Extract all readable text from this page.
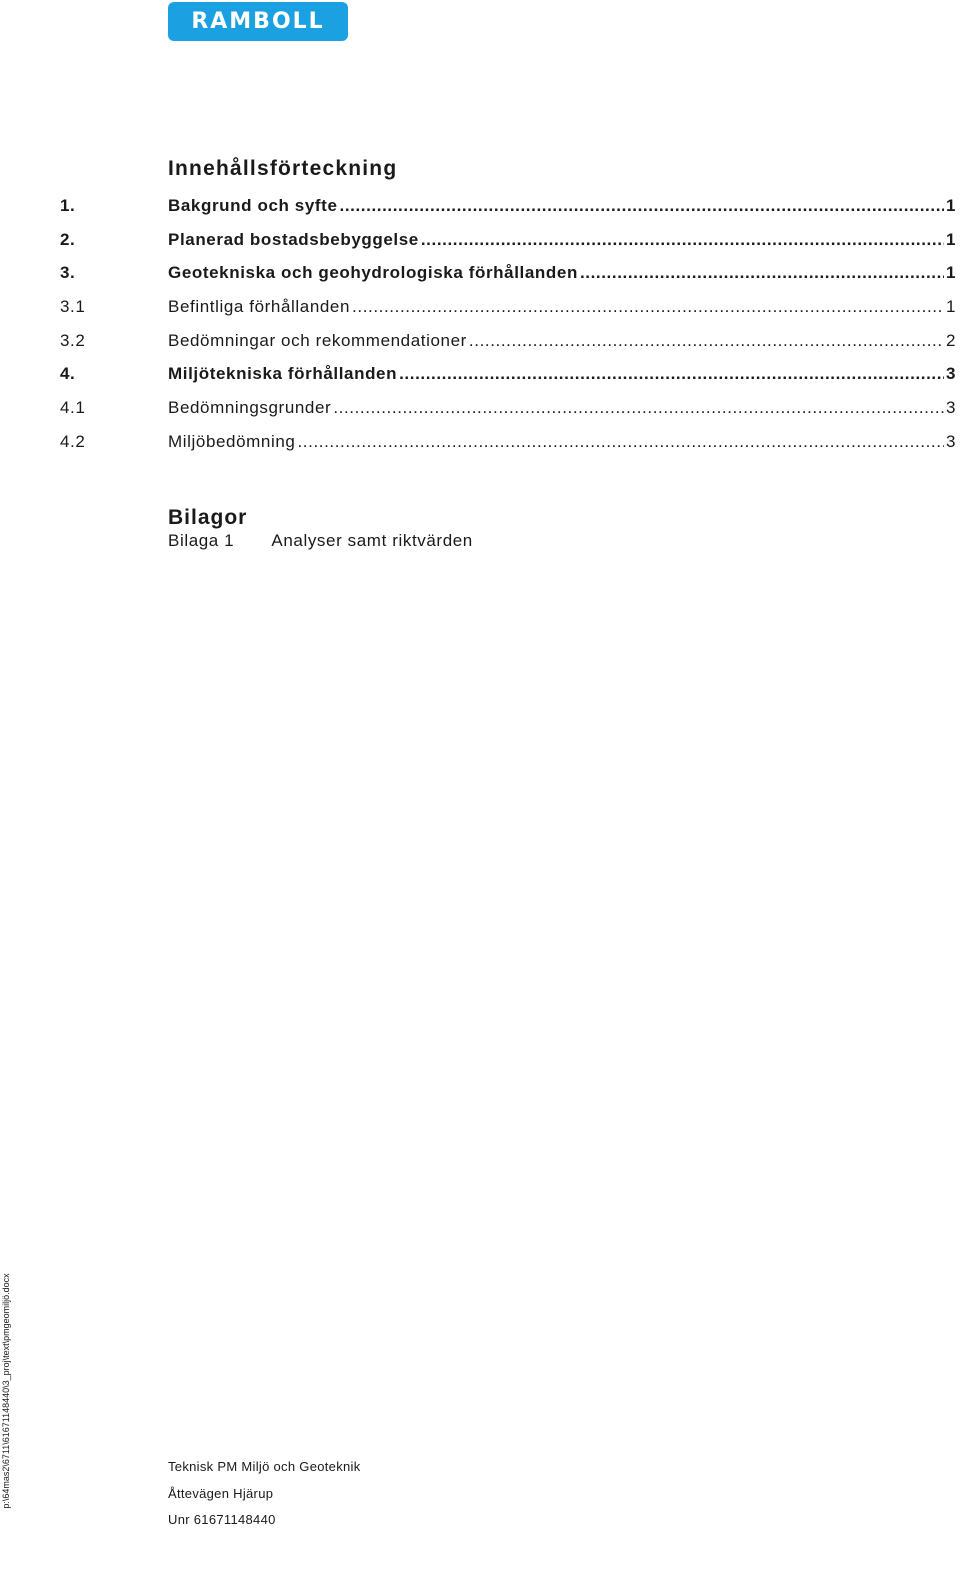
RAMBOLL
Innehållsförteckning
1.	Bakgrund och syfte .....	1
2.	Planerad bostadsbebyggelse .....	1
3.	Geotekniska och geohydrologiska förhållanden .....	1
3.1	Befintliga förhållanden .....	1
3.2	Bedömningar och rekommendationer .....	2
4.	Miljötekniska förhållanden .....	3
4.1	Bedömningsgrunder .....	3
4.2	Miljöbedömning .....	3
Bilagor
Bilaga 1 Analyser samt riktvärden
p:\64mas2\6711\61671148440\3_proj\text\pmgeomiljö.docx	Teknisk PM Miljö och Geoteknik
Åttevägen Hjärup
Unr 61671148440
